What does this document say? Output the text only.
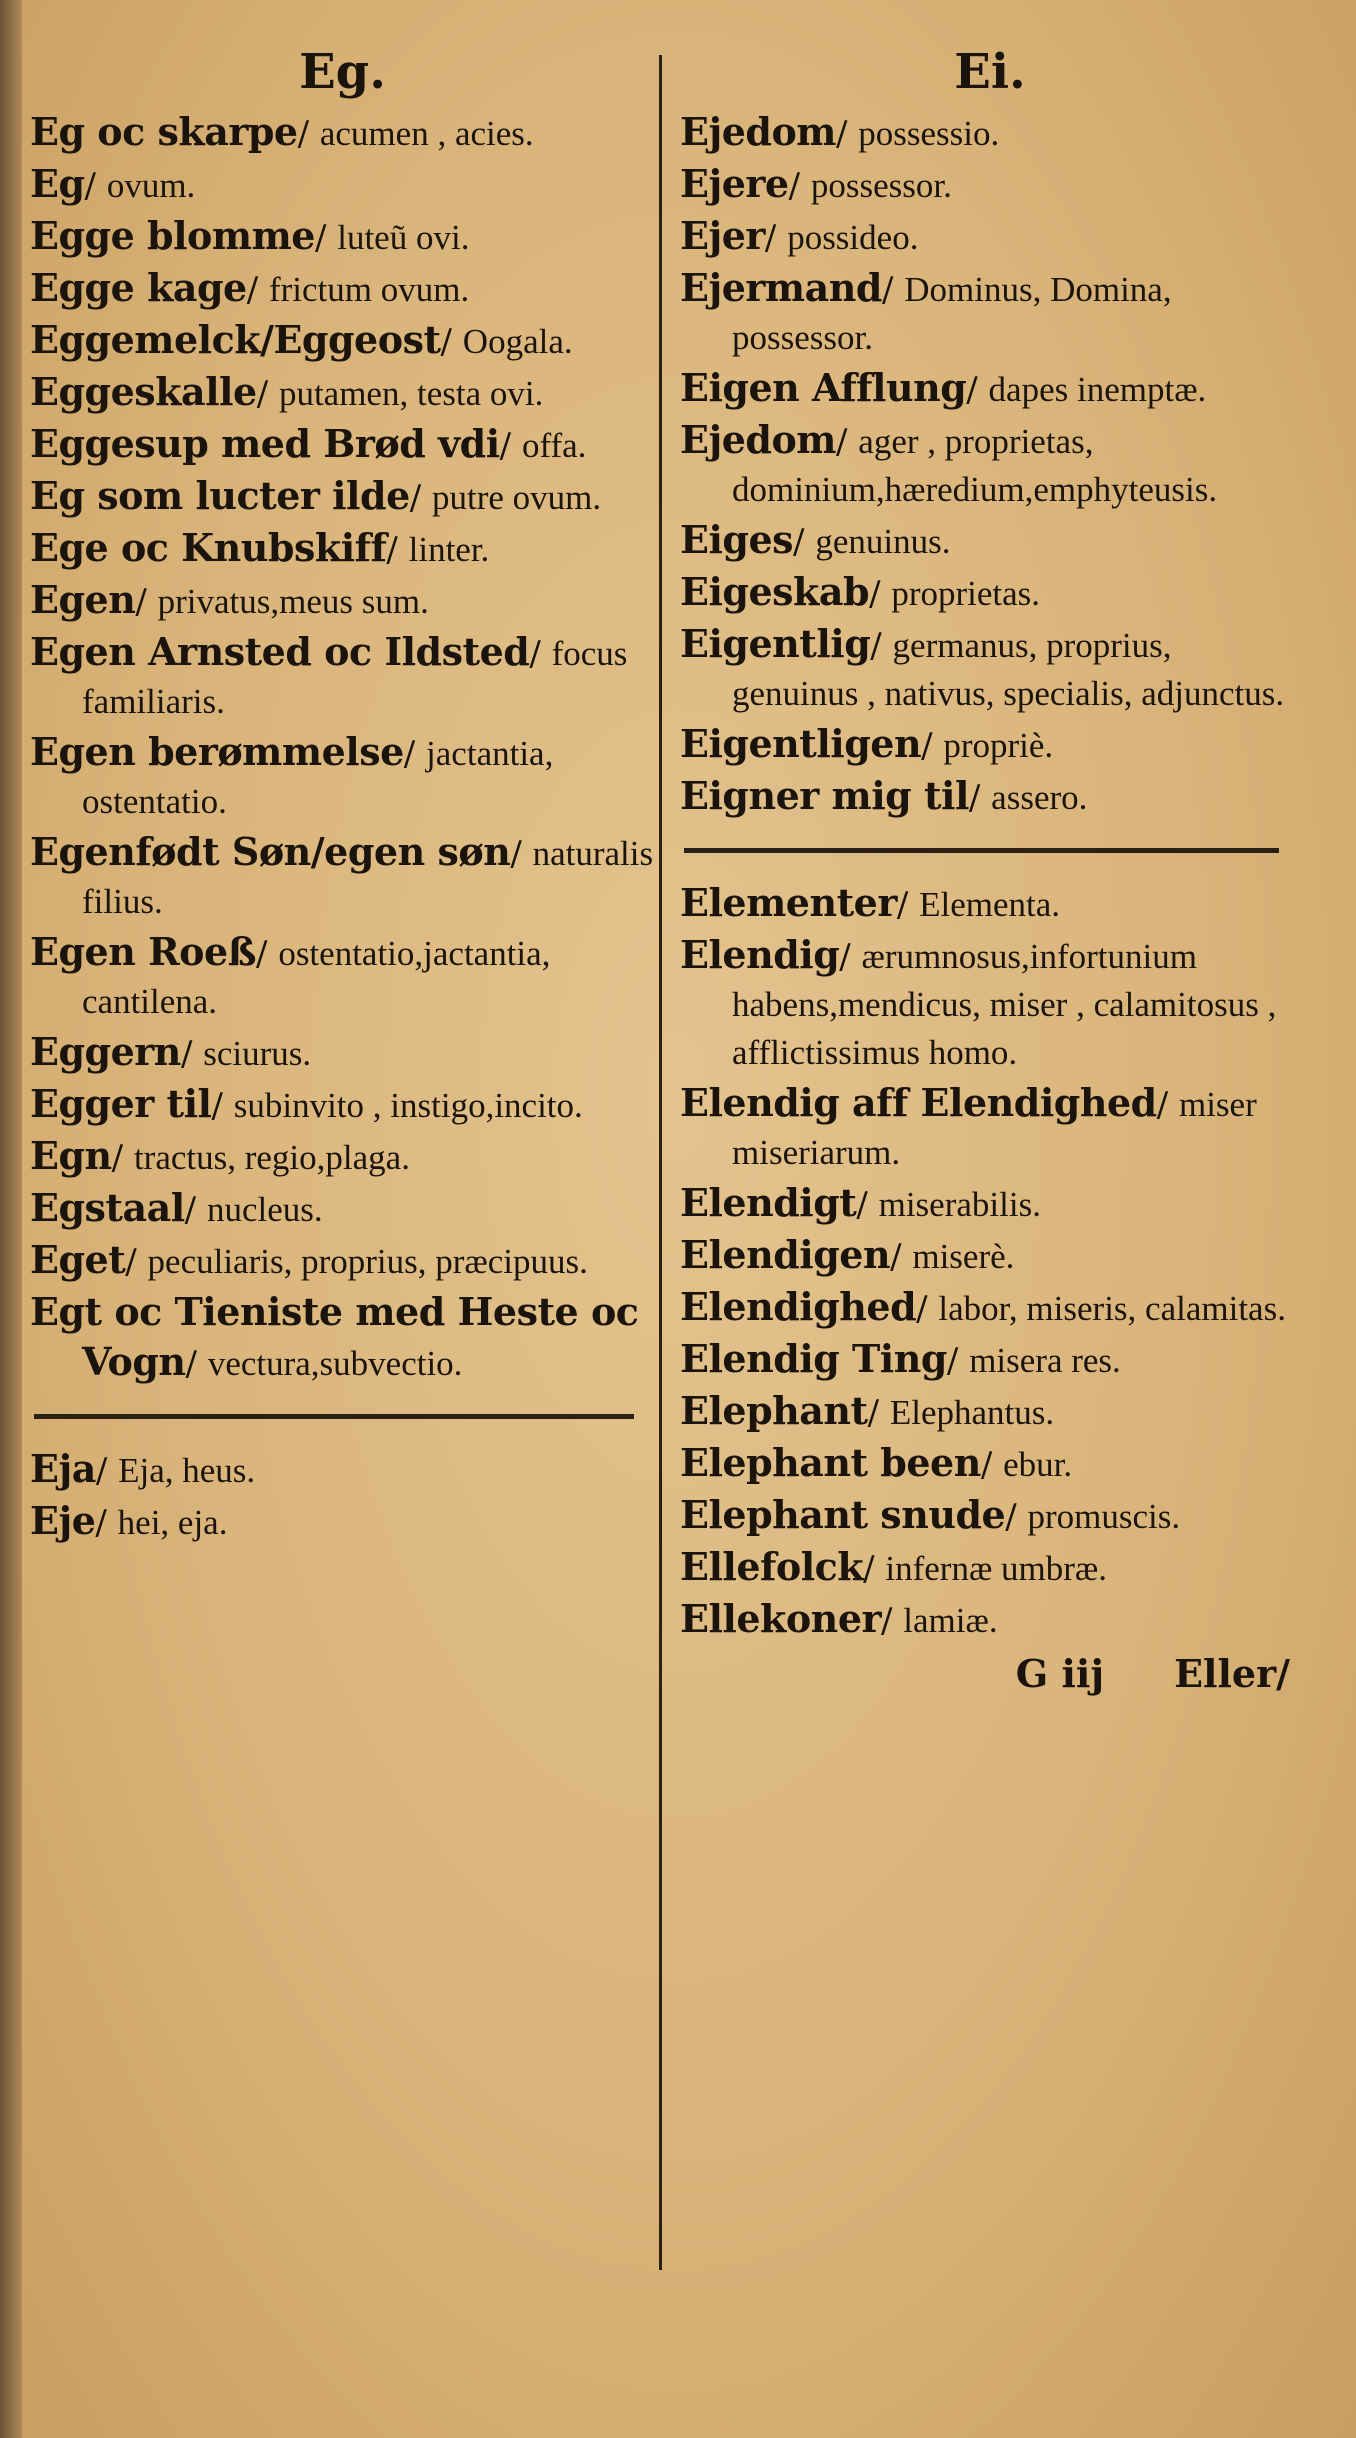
Eg.
Eg oc skarpe/ acumen , acies.
Eg/ ovum.
Egge blomme/ luteũ ovi.
Egge kage/ frictum ovum.
Eggemelck/Eggeost/ Oogala.
Eggeskalle/ putamen, testa ovi.
Eggesup med Brød vdi/ offa.
Eg som lucter ilde/ putre ovum.
Ege oc Knubskiff/ linter.
Egen/ privatus,meus sum.
Egen Arnsted oc Ildsted/ focus familiaris.
Egen berømmelse/ jactantia, ostentatio.
Egenfødt Søn/egen søn/ naturalis filius.
Egen Roeß/ ostentatio,jactantia, cantilena.
Eggern/ sciurus.
Egger til/ subinvito , instigo,incito.
Egn/ tractus, regio,plaga.
Egstaal/ nucleus.
Eget/ peculiaris, proprius, præcipuus.
Egt oc Tieniste med Heste oc Vogn/ vectura,subvectio.
Eja/ Eja, heus.
Eje/ hei, eja.
Ei.
Ejedom/ possessio.
Ejere/ possessor.
Ejer/ possideo.
Ejermand/ Dominus, Domina, possessor.
Eigen Afflung/ dapes inemptæ.
Ejedom/ ager , proprietas, dominium,hæredium,emphyteusis.
Eiges/ genuinus.
Eigeskab/ proprietas.
Eigentlig/ germanus, proprius, genuinus , nativus, specialis, adjunctus.
Eigentligen/ propriè.
Eigner mig til/ assero.
Elementer/ Elementa.
Elendig/ ærumnosus,infortunium habens,mendicus, miser , calamitosus , afflictissimus homo.
Elendig aff Elendighed/ miser miseriarum.
Elendigt/ miserabilis.
Elendigen/ miserè.
Elendighed/ labor, miseris, calamitas.
Elendig Ting/ misera res.
Elephant/ Elephantus.
Elephant been/ ebur.
Elephant snude/ promuscis.
Ellefolck/ infernæ umbræ.
Ellekoner/ lamiæ.
G iij Eller/
